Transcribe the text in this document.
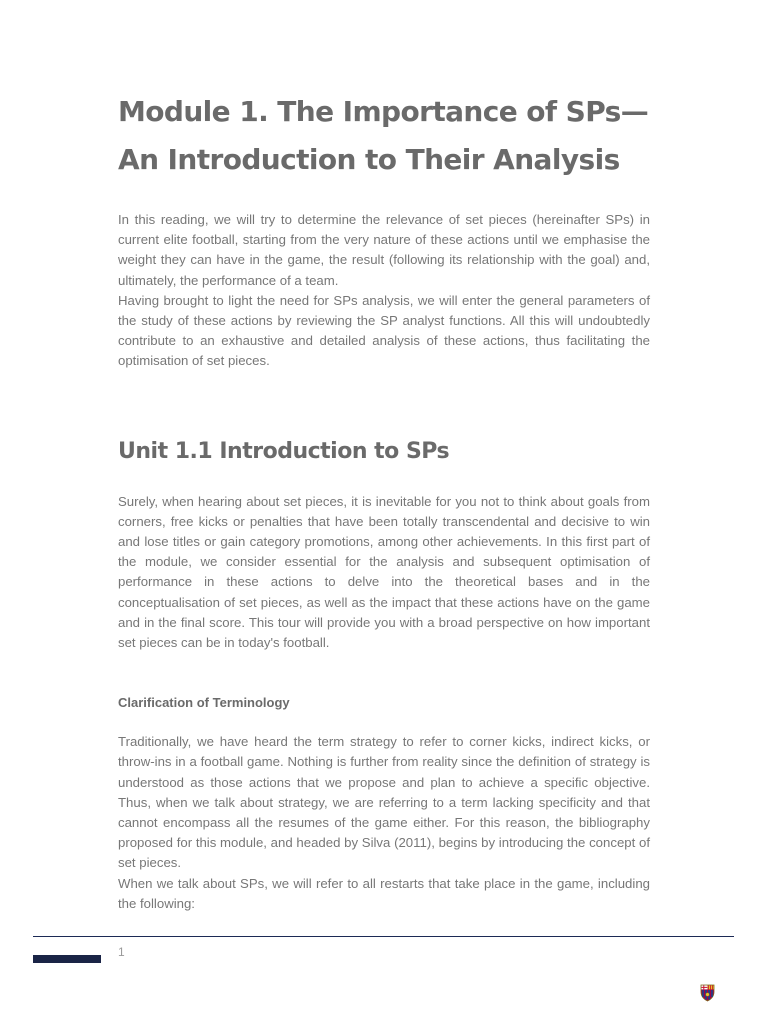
Module 1. The Importance of SPs—
An Introduction to Their Analysis

In this reading, we will try to determine the relevance of set pieces (hereinafter SPs) in current elite football, starting from the very nature of these actions until we emphasise the weight they can have in the game, the result (following its relationship with the goal) and, ultimately, the performance of a team.

Having brought to light the need for SPs analysis, we will enter the general parameters of the study of these actions by reviewing the SP analyst functions. All this will undoubtedly contribute to an exhaustive and detailed analysis of these actions, thus facilitating the optimisation of set pieces.

Unit 1.1 Introduction to SPs

Surely, when hearing about set pieces, it is inevitable for you not to think about goals from corners, free kicks or penalties that have been totally transcendental and decisive to win and lose titles or gain category promotions, among other achievements. In this first part of the module, we consider essential for the analysis and subsequent optimisation of performance in these actions to delve into the theoretical bases and in the conceptualisation of set pieces, as well as the impact that these actions have on the game and in the final score. This tour will provide you with a broad perspective on how important set pieces can be in today's football.

Clarification of Terminology

Traditionally, we have heard the term strategy to refer to corner kicks, indirect kicks, or throw-ins in a football game. Nothing is further from reality since the definition of strategy is understood as those actions that we propose and plan to achieve a specific objective. Thus, when we talk about strategy, we are referring to a term lacking specificity and that cannot encompass all the resumes of the game either. For this reason, the bibliography proposed for this module, and headed by Silva (2011), begins by introducing the concept of set pieces.

When we talk about SPs, we will refer to all restarts that take place in the game, including the following:

1
